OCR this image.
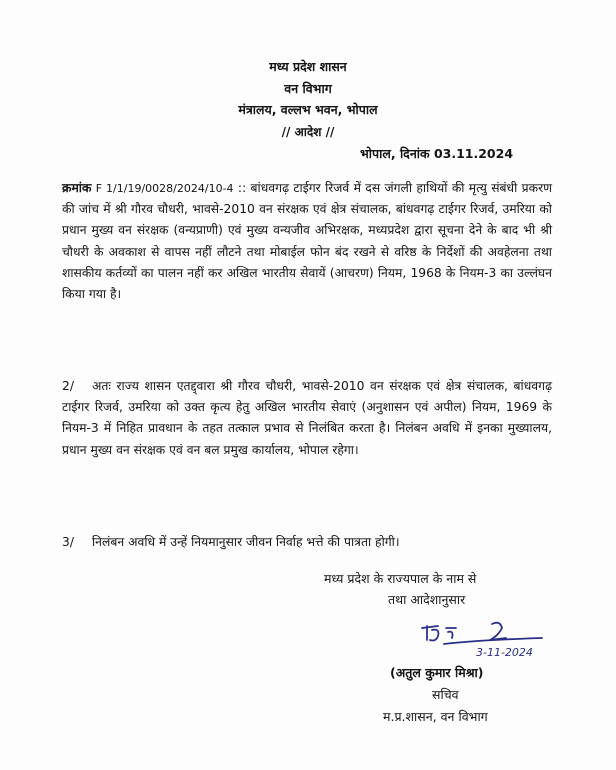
मध्य प्रदेश शासन
वन विभाग
मंत्रालय, वल्लभ भवन, भोपाल
// आदेश //
भोपाल, दिनांक 03.11.2024
क्रमांक F 1/1/19/0028/2024/10-4 :: बांधवगढ़ टाईगर रिजर्व में दस जंगली हाथियों की मृत्यु संबंधी प्रकरण की जांच में श्री गौरव चौधरी, भावसे-2010 वन संरक्षक एवं क्षेत्र संचालक, बांधवगढ़ टाईगर रिजर्व, उमरिया को प्रधान मुख्य वन संरक्षक (वन्यप्राणी) एवं मुख्य वन्यजीव अभिरक्षक, मध्यप्रदेश द्वारा सूचना देने के बाद भी श्री चौधरी के अवकाश से वापस नहीं लौटने तथा मोबाईल फोन बंद रखने से वरिष्ठ के निर्देशों की अवहेलना तथा शासकीय कर्तव्यों का पालन नहीं कर अखिल भारतीय सेवायें (आचरण) नियम, 1968 के नियम-3 का उल्लंघन किया गया है।
2/ अतः राज्य शासन एतद्द्वारा श्री गौरव चौधरी, भावसे-2010 वन संरक्षक एवं क्षेत्र संचालक, बांधवगढ़ टाईगर रिजर्व, उमरिया को उक्त कृत्य हेतु अखिल भारतीय सेवाएं (अनुशासन एवं अपील) नियम, 1969 के नियम-3 में निहित प्रावधान के तहत तत्काल प्रभाव से निलंबित करता है। निलंबन अवधि में इनका मुख्यालय, प्रधान मुख्य वन संरक्षक एवं वन बल प्रमुख कार्यालय, भोपाल रहेगा।
3/ निलंबन अवधि में उन्हें नियमानुसार जीवन निर्वाह भत्ते की पात्रता होगी।
मध्य प्रदेश के राज्यपाल के नाम से
तथा आदेशानुसार
3-11-2024
(अतुल कुमार मिश्रा)
सचिव
म.प्र.शासन, वन विभाग
